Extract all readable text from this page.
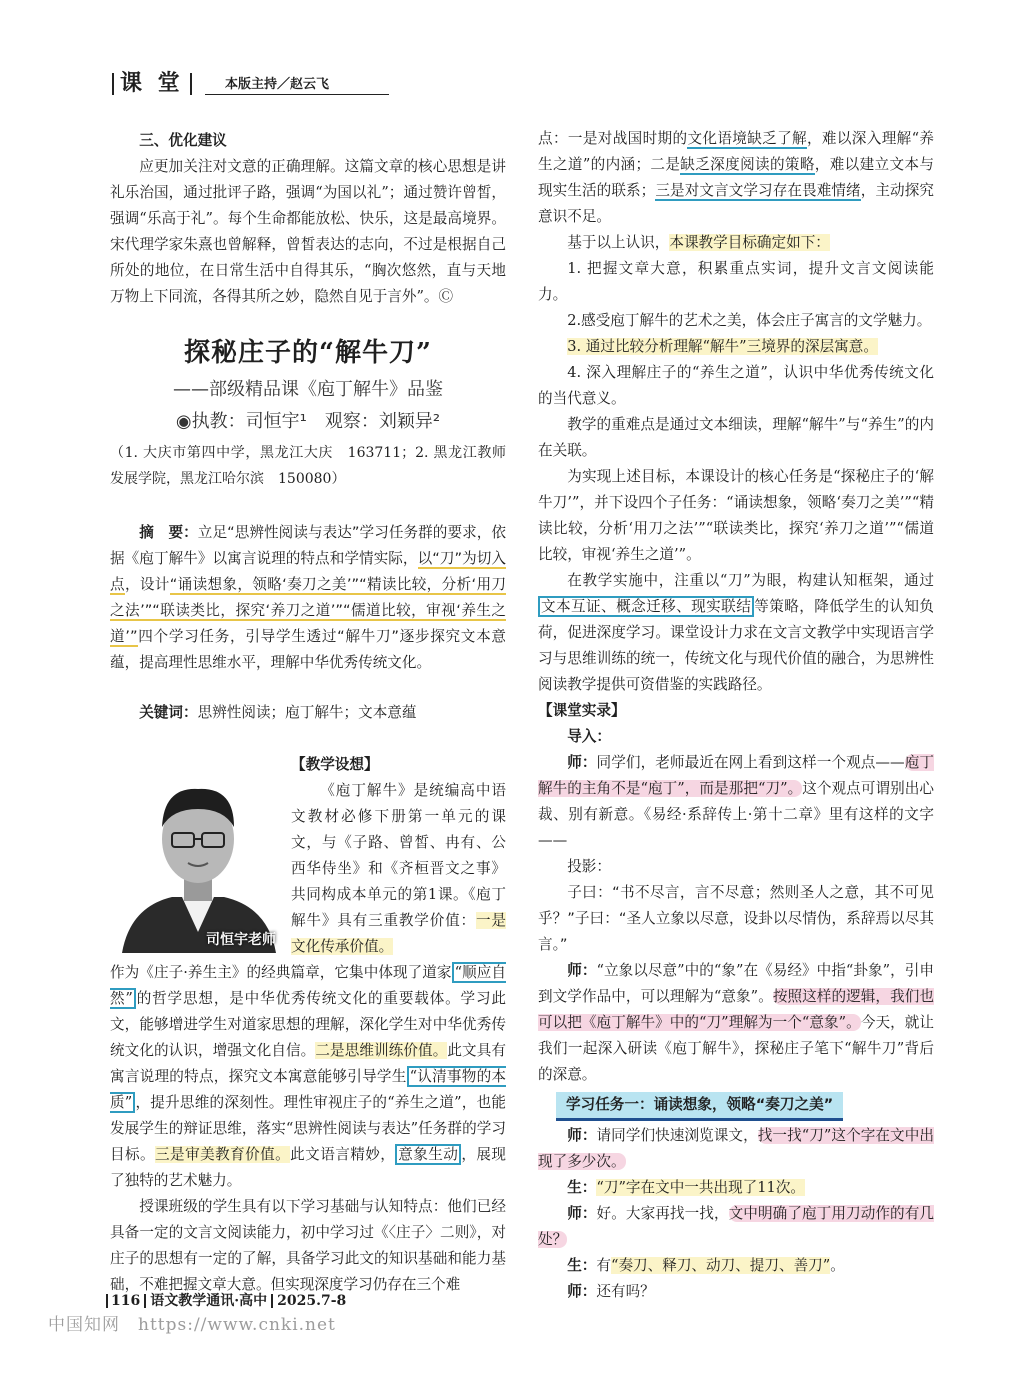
课 堂	本版主持／赵云飞

三、优化建议

应更加关注对文意的正确理解。这篇文章的核心思想是讲礼乐治国，通过批评子路，强调“为国以礼”；通过赞许曾皙，强调“乐高于礼”。每个生命都能放松、快乐，这是最高境界。宋代理学家朱熹也曾解释，曾皙表达的志向，不过是根据自己所处的地位，在日常生活中自得其乐，“胸次悠然，直与天地万物上下同流，各得其所之妙，隐然自见于言外”。Ⓒ

探秘庄子的“解牛刀”
——部级精品课《庖丁解牛》品鉴
◉执教：司恒宇¹　观察：刘颖异²
（1. 大庆市第四中学，黑龙江大庆　163711；2. 黑龙江教师发展学院，黑龙江哈尔滨　150080）

摘　要：立足“思辨性阅读与表达”学习任务群的要求，依据《庖丁解牛》以寓言说理的特点和学情实际，以“刀”为切入点，设计“诵读想象，领略‘奏刀之美’”“精读比较，分析‘用刀之法’”“联读类比，探究‘养刀之道’”“儒道比较，审视‘养生之道’”四个学习任务，引导学生透过“解牛刀”逐步探究文本意蕴，提高理性思维水平，理解中华优秀传统文化。

关键词：思辨性阅读；庖丁解牛；文本意蕴

司恒宇老师

【教学设想】

《庖丁解牛》是统编高中语文教材必修下册第一单元的课文，与《子路、曾皙、冉有、公西华侍坐》和《齐桓晋文之事》共同构成本单元的第1课。《庖丁解牛》具有三重教学价值：一是文化传承价值。

作为《庄子·养生主》的经典篇章，它集中体现了道家 “顺应自然” 的哲学思想，是中华优秀传统文化的重要载体。学习此文，能够增进学生对道家思想的理解，深化学生对中华优秀传统文化的认识，增强文化自信。二是思维训练价值。此文具有寓言说理的特点，探究文本寓意能够引导学生 “认清事物的本质” ，提升思维的深刻性。理性审视庄子的“养生之道”，也能发展学生的辩证思维，落实“思辨性阅读与表达”任务群的学习目标。三是审美教育价值。此文语言精妙， 意象生动 ，展现了独特的艺术魅力。

授课班级的学生具有以下学习基础与认知特点：他们已经具备一定的文言文阅读能力，初中学习过《〈庄子〉二则》，对庄子的思想有一定的了解，具备学习此文的知识基础和能力基础，不难把握文章大意。但实现深度学习仍存在三个难

点：一是对战国时期的文化语境缺乏了解，难以深入理解“养生之道”的内涵；二是缺乏深度阅读的策略，难以建立文本与现实生活的联系；三是对文言文学习存在畏难情绪，主动探究意识不足。

基于以上认识，本课教学目标确定如下：

1. 把握文章大意，积累重点实词，提升文言文阅读能力。

2.感受庖丁解牛的艺术之美，体会庄子寓言的文学魅力。

3. 通过比较分析理解“解牛”三境界的深层寓意。

4. 深入理解庄子的“养生之道”，认识中华优秀传统文化的当代意义。

教学的重难点是通过文本细读，理解“解牛”与“养生”的内在关联。

为实现上述目标，本课设计的核心任务是“探秘庄子的‘解牛刀’”，并下设四个子任务：“诵读想象，领略‘奏刀之美’”“精读比较，分析‘用刀之法’”“联读类比，探究‘养刀之道’”“儒道比较，审视‘养生之道’”。

在教学实施中，注重以“刀”为眼，构建认知框架，通过文本互证、概念迁移、现实联结 等策略，降低学生的认知负荷，促进深度学习。课堂设计力求在文言文教学中实现语言学习与思维训练的统一，传统文化与现代价值的融合，为思辨性阅读教学提供可资借鉴的实践路径。

【课堂实录】

导入：

师：同学们，老师最近在网上看到这样一个观点——庖丁解牛的主角不是“庖丁”，而是那把“刀”。这个观点可谓别出心裁、别有新意。《易经·系辞传上·第十二章》里有这样的文字——

投影：

子曰：“书不尽言，言不尽意；然则圣人之意，其不可见乎？”子曰：“圣人立象以尽意，设卦以尽情伪，系辞焉以尽其言。”

师：“立象以尽意”中的“象”在《易经》中指“卦象”，引申到文学作品中，可以理解为“意象”。按照这样的逻辑，我们也可以把《庖丁解牛》中的“刀”理解为一个“意象”。今天，就让我们一起深入研读《庖丁解牛》，探秘庄子笔下“解牛刀”背后的深意。

学习任务一：诵读想象，领略“奏刀之美”

师：请同学们快速浏览课文，找一找“刀”这个字在文中出现了多少次。

生：“刀”字在文中一共出现了11次。

师：好。大家再找一找，文中明确了庖丁用刀动作的有几处？

生：有“奏刀、释刀、动刀、提刀、善刀”。

师：还有吗？

116 语文教学通讯·高中 2025.7-8
中国知网　https://www.cnki.net
